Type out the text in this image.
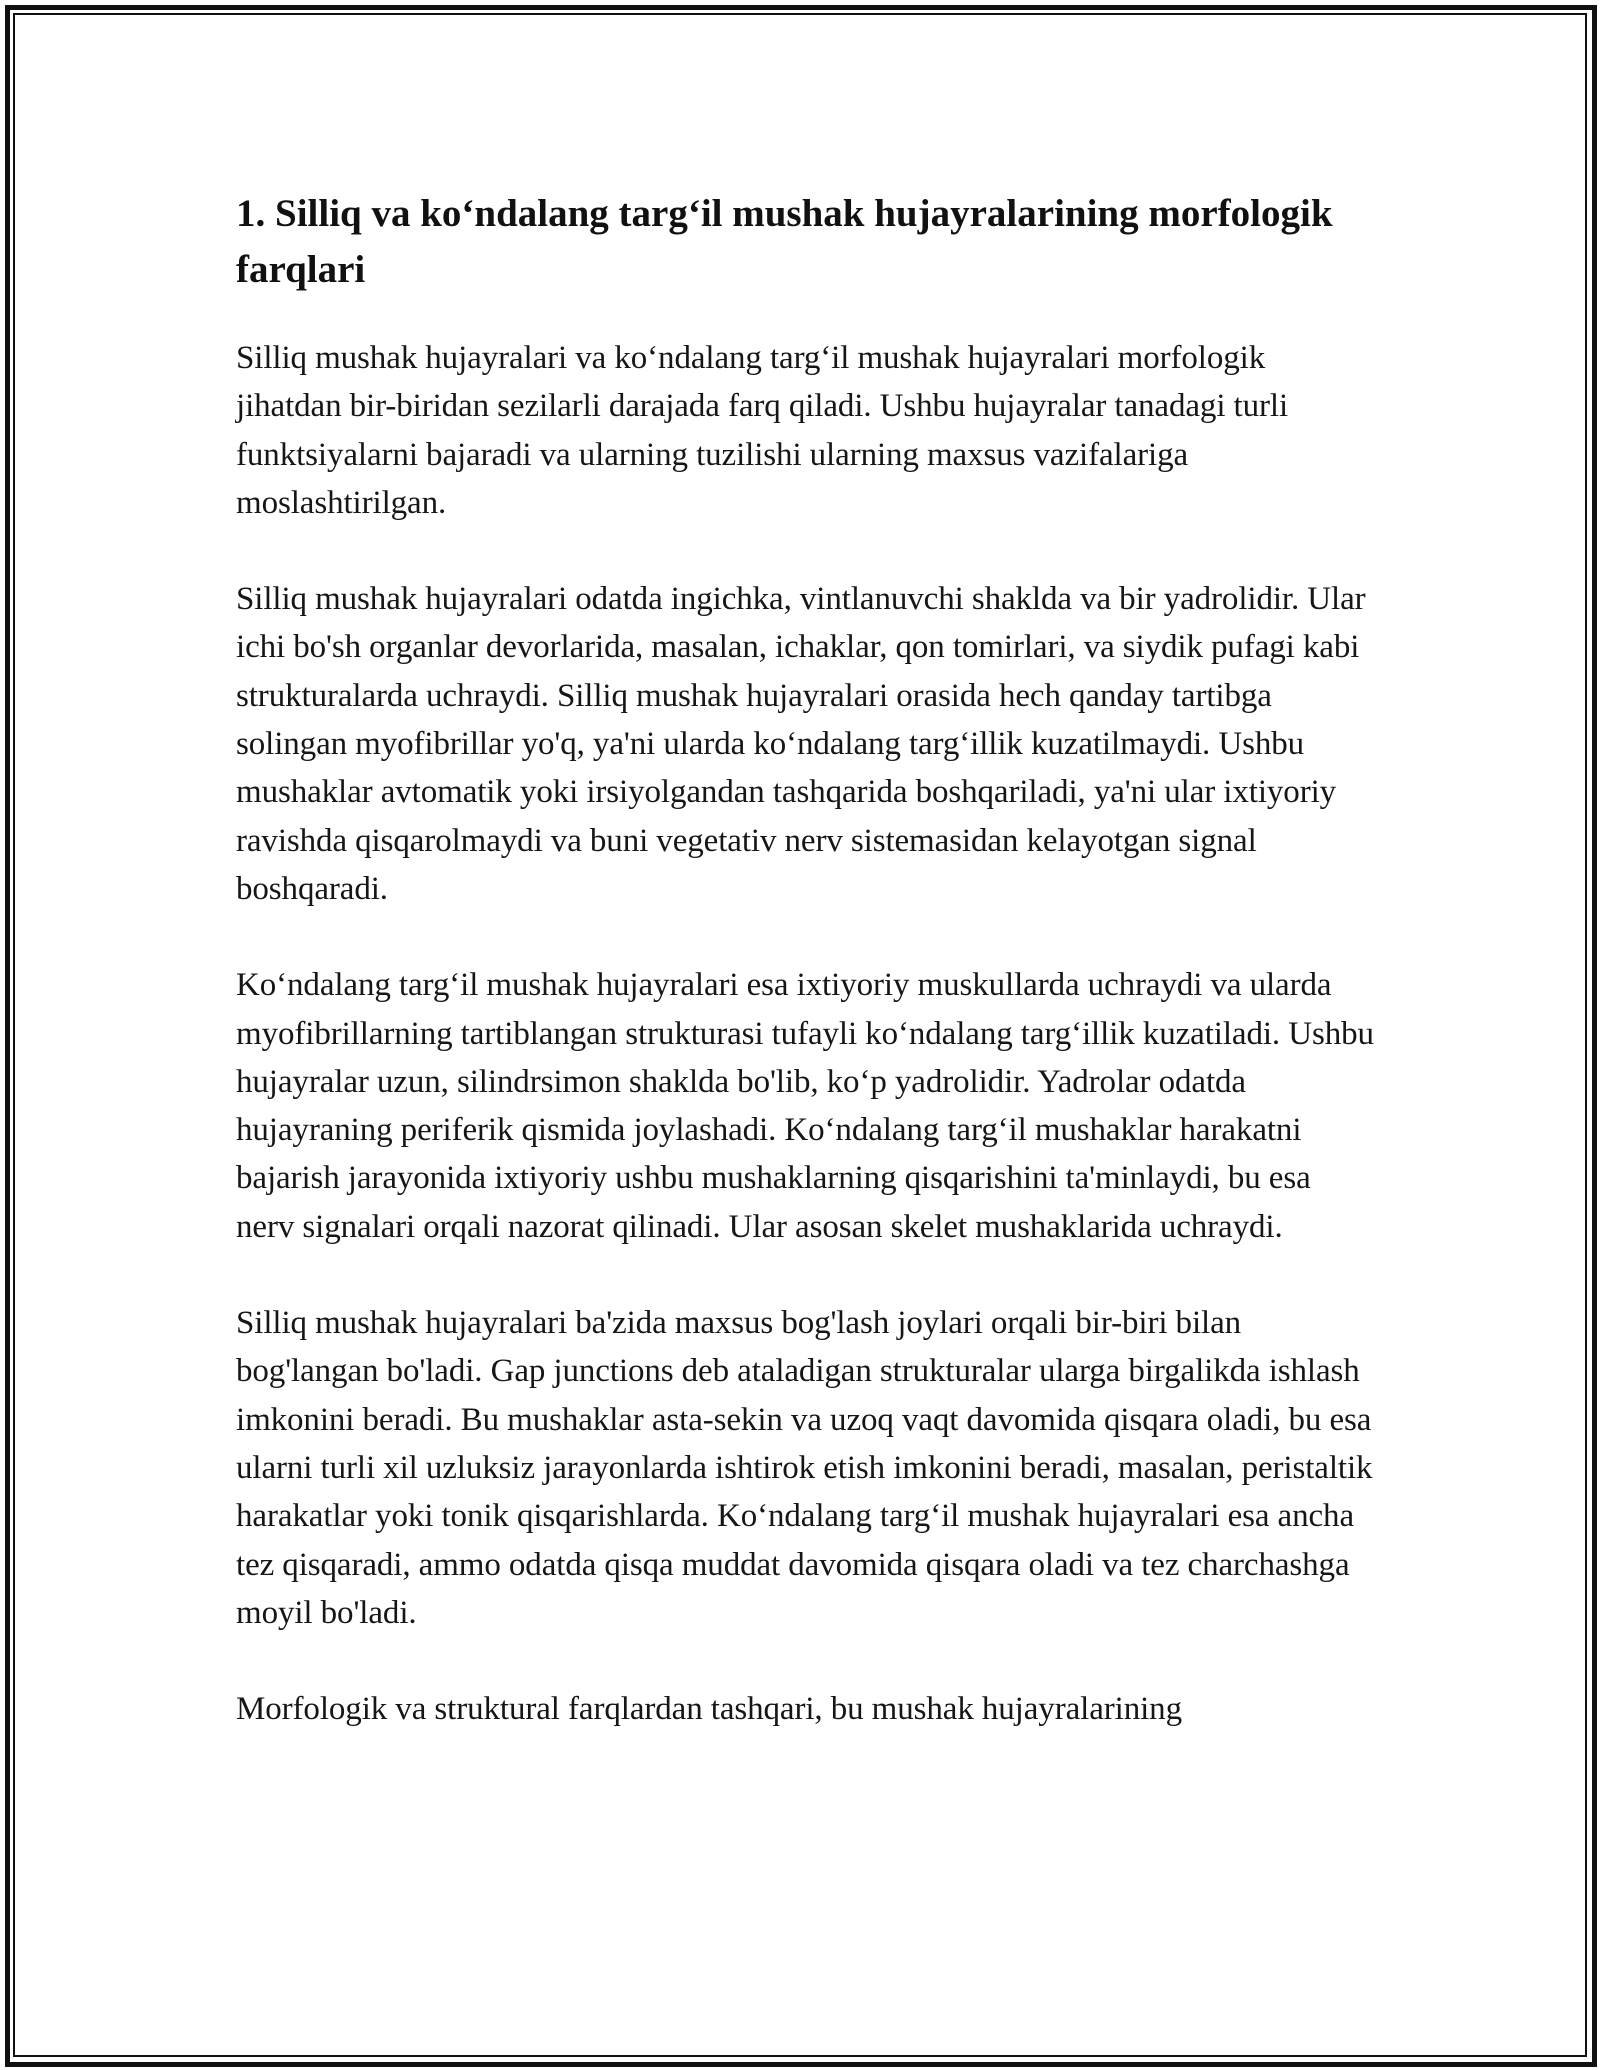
1. Silliq va ko‘ndalang targ‘il mushak hujayralarining morfologik farqlari

Silliq mushak hujayralari va ko‘ndalang targ‘il mushak hujayralari morfologik jihatdan bir-biridan sezilarli darajada farq qiladi. Ushbu hujayralar tanadagi turli funktsiyalarni bajaradi va ularning tuzilishi ularning maxsus vazifalariga moslashtirilgan.

Silliq mushak hujayralari odatda ingichka, vintlanuvchi shaklda va bir yadrolidir. Ular ichi bo'sh organlar devorlarida, masalan, ichaklar, qon tomirlari, va siydik pufagi kabi strukturalarda uchraydi. Silliq mushak hujayralari orasida hech qanday tartibga solingan myofibrillar yo'q, ya'ni ularda ko‘ndalang targ‘illik kuzatilmaydi. Ushbu mushaklar avtomatik yoki irsiyolgandan tashqarida boshqariladi, ya'ni ular ixtiyoriy ravishda qisqarolmaydi va buni vegetativ nerv sistemasidan kelayotgan signal boshqaradi.

Ko‘ndalang targ‘il mushak hujayralari esa ixtiyoriy muskullarda uchraydi va ularda myofibrillarning tartiblangan strukturasi tufayli ko‘ndalang targ‘illik kuzatiladi. Ushbu hujayralar uzun, silindrsimon shaklda bo'lib, ko‘p yadrolidir. Yadrolar odatda hujayraning periferik qismida joylashadi. Ko‘ndalang targ‘il mushaklar harakatni bajarish jarayonida ixtiyoriy ushbu mushaklarning qisqarishini ta'minlaydi, bu esa nerv signalari orqali nazorat qilinadi. Ular asosan skelet mushaklarida uchraydi.

Silliq mushak hujayralari ba'zida maxsus bog'lash joylari orqali bir-biri bilan bog'langan bo'ladi. Gap junctions deb ataladigan strukturalar ularga birgalikda ishlash imkonini beradi. Bu mushaklar asta-sekin va uzoq vaqt davomida qisqara oladi, bu esa ularni turli xil uzluksiz jarayonlarda ishtirok etish imkonini beradi, masalan, peristaltik harakatlar yoki tonik qisqarishlarda. Ko‘ndalang targ‘il mushak hujayralari esa ancha tez qisqaradi, ammo odatda qisqa muddat davomida qisqara oladi va tez charchashga moyil bo'ladi.

Morfologik va struktural farqlardan tashqari, bu mushak hujayralarining
